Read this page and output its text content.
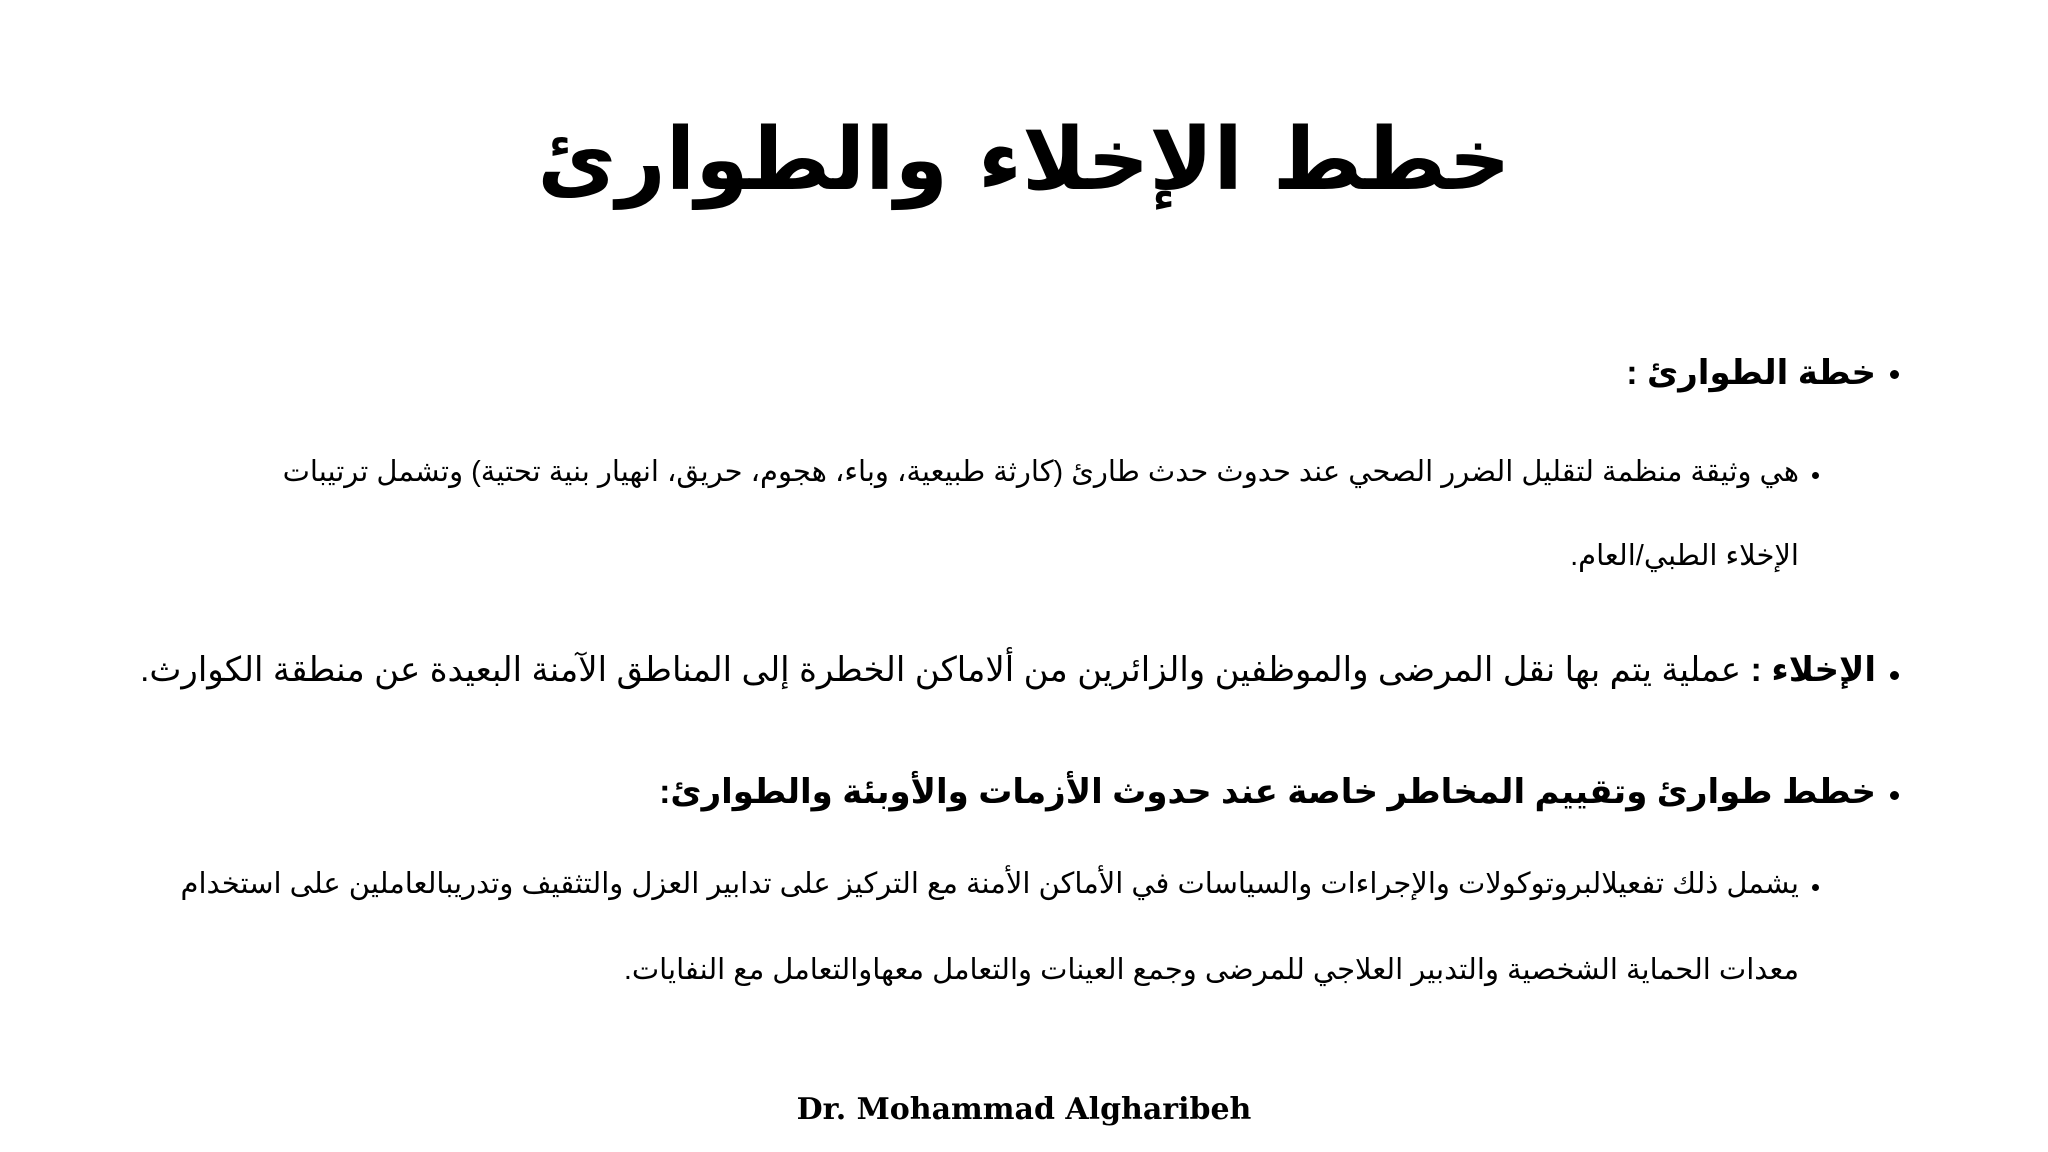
خطط الإخلاء والطوارئ
خطة الطوارئ :
هي وثيقة منظمة لتقليل الضرر الصحي عند حدوث حدث طارئ (كارثة طبيعية، وباء، هجوم، حريق، انهيار بنية تحتية) وتشمل ترتيبات
الإخلاء الطبي/العام.
الإخلاء : عملية يتم بها نقل المرضى والموظفين والزائرين من ألاماكن الخطرة إلى المناطق الآمنة البعيدة عن منطقة الكوارث.
خطط طوارئ وتقييم المخاطر خاصة عند حدوث الأزمات والأوبئة والطوارئ:
يشمل ذلك تفعيلالبروتوكولات والإجراءات والسياسات في الأماكن الأمنة مع التركيز على تدابير العزل والتثقيف وتدريبالعاملين على استخدام
معدات الحماية الشخصية والتدبير العلاجي للمرضى وجمع العينات والتعامل معهاوالتعامل مع النفايات.
Dr. Mohammad Algharibeh
